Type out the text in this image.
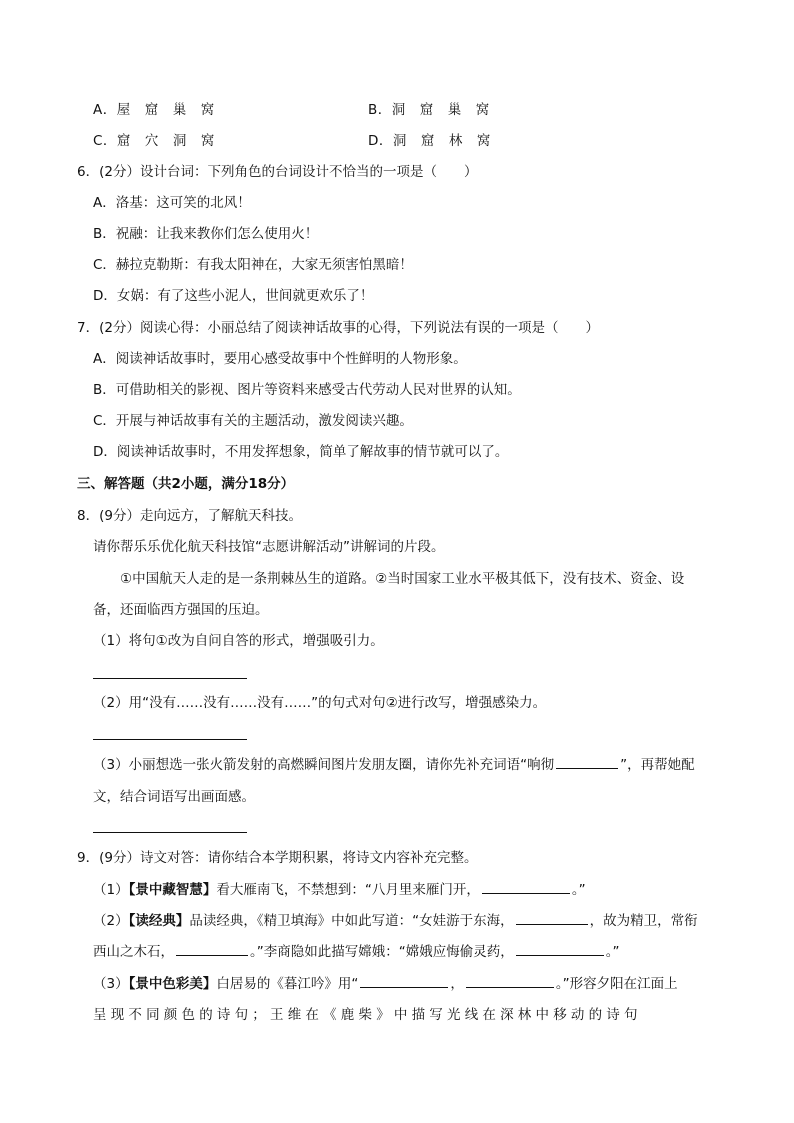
A．屋　窟　巢　窝	B．洞　窟　巢　窝
C．窟　穴　洞　窝	D．洞　窟　林　窝
6．(2分）设计台词：下列角色的台词设计不恰当的一项是（　　）
A．洛基：这可笑的北风！
B．祝融：让我来教你们怎么使用火！
C．赫拉克勒斯：有我太阳神在，大家无须害怕黑暗！
D．女娲：有了这些小泥人，世间就更欢乐了！
7．(2分）阅读心得：小丽总结了阅读神话故事的心得，下列说法有误的一项是（　　）
A．阅读神话故事时，要用心感受故事中个性鲜明的人物形象。
B．可借助相关的影视、图片等资料来感受古代劳动人民对世界的认知。
C．开展与神话故事有关的主题活动，激发阅读兴趣。
D．阅读神话故事时，不用发挥想象，简单了解故事的情节就可以了。
三、解答题（共2小题，满分18分）
8．(9分）走向远方，了解航天科技。
请你帮乐乐优化航天科技馆“志愿讲解活动”讲解词的片段。
①中国航天人走的是一条荆棘丛生的道路。②当时国家工业水平极其低下，没有技术、资金、设
备，还面临西方强国的压迫。
（1）将句①改为自问自答的形式，增强吸引力。
（2）用“没有……没有……没有……”的句式对句②进行改写，增强感染力。
（3）小丽想选一张火箭发射的高燃瞬间图片发朋友圈，请你先补充词语“响彻	”，再帮她配
文，结合词语写出画面感。
9．(9分）诗文对答：请你结合本学期积累，将诗文内容补充完整。
（1）【景中藏智慧】看大雁南飞，不禁想到：“八月里来雁门开，	。”
（2）【读经典】品读经典，《精卫填海》中如此写道：“女娃游于东海，	，故为精卫，常衔
西山之木石，	。”李商隐如此描写嫦娥：“嫦娥应悔偷灵药，	。”
（3）【景中色彩美】白居易的《暮江吟》用“	，	。”形容夕阳在江面上
呈现不同颜色的诗句；王维在《鹿柴》中描写光线在深林中移动的诗句
